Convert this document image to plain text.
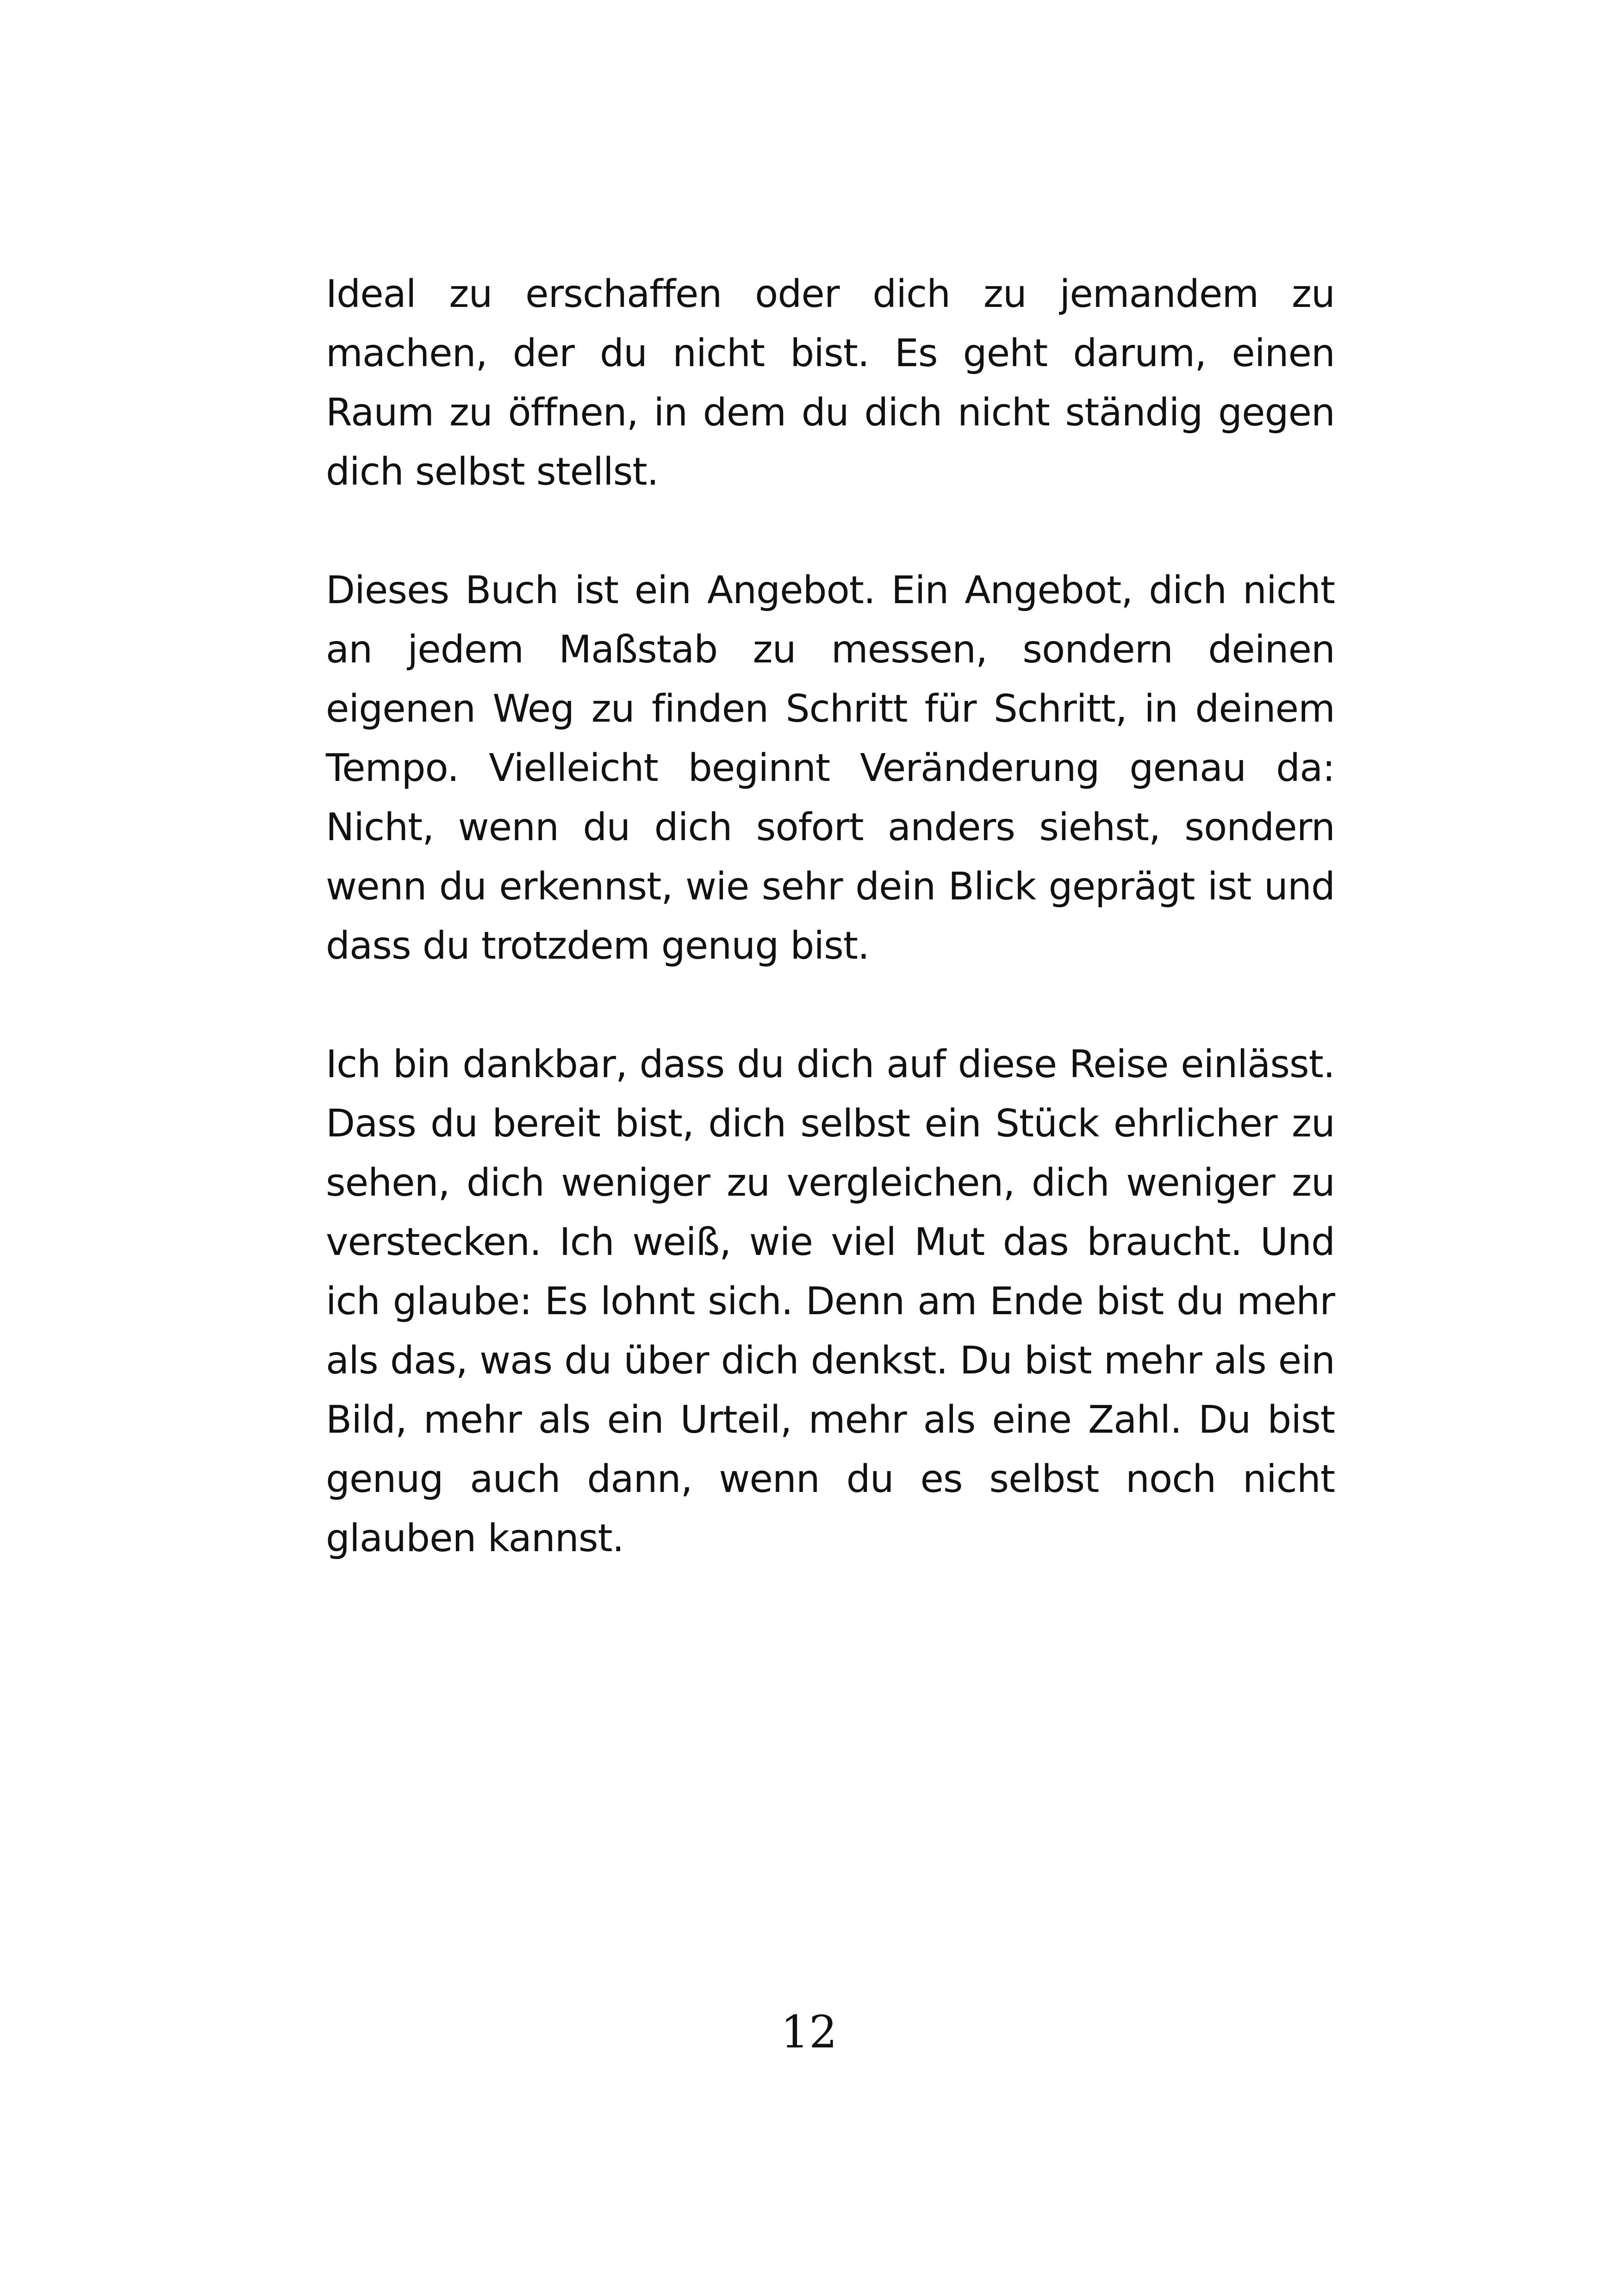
Ideal zu erschaffen oder dich zu jemandem zu machen, der du nicht bist. Es geht darum, einen Raum zu öffnen, in dem du dich nicht ständig gegen dich selbst stellst.

Dieses Buch ist ein Angebot. Ein Angebot, dich nicht an jedem Maßstab zu messen, sondern deinen eigenen Weg zu finden Schritt für Schritt, in deinem Tempo. Vielleicht beginnt Veränderung genau da: Nicht, wenn du dich sofort anders siehst, sondern wenn du erkennst, wie sehr dein Blick geprägt ist und dass du trotzdem genug bist.

Ich bin dankbar, dass du dich auf diese Reise einlässt. Dass du bereit bist, dich selbst ein Stück ehrlicher zu sehen, dich weniger zu vergleichen, dich weniger zu verstecken. Ich weiß, wie viel Mut das braucht. Und ich glaube: Es lohnt sich. Denn am Ende bist du mehr als das, was du über dich denkst. Du bist mehr als ein Bild, mehr als ein Urteil, mehr als eine Zahl. Du bist genug auch dann, wenn du es selbst noch nicht glauben kannst.

12
